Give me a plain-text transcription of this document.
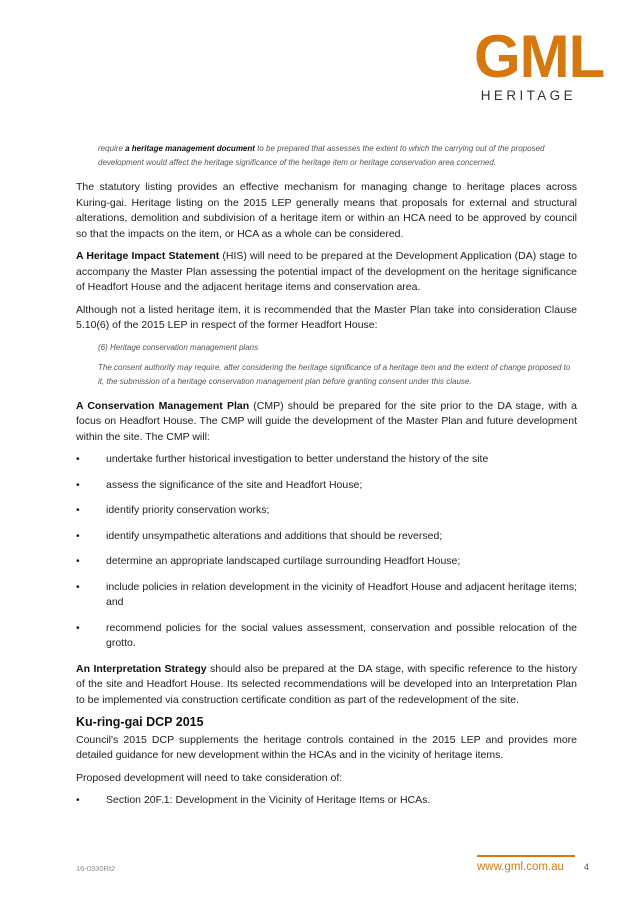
GML
HERITAGE

require a heritage management document to be prepared that assesses the extent to which the carrying out of the proposed development would affect the heritage significance of the heritage item or heritage conservation area concerned.

The statutory listing provides an effective mechanism for managing change to heritage places across Kuring-gai. Heritage listing on the 2015 LEP generally means that proposals for external and structural alterations, demolition and subdivision of a heritage item or within an HCA need to be approved by council so that the impacts on the item, or HCA as a whole can be considered.

A Heritage Impact Statement (HIS) will need to be prepared at the Development Application (DA) stage to accompany the Master Plan assessing the potential impact of the development on the heritage significance of Headfort House and the adjacent heritage items and conservation area.

Although not a listed heritage item, it is recommended that the Master Plan take into consideration Clause 5.10(6) of the 2015 LEP in respect of the former Headfort House:

(6) Heritage conservation management plans

The consent authority may require, after considering the heritage significance of a heritage item and the extent of change proposed to it, the submission of a heritage conservation management plan before granting consent under this clause.

A Conservation Management Plan (CMP) should be prepared for the site prior to the DA stage, with a focus on Headfort House. The CMP will guide the development of the Master Plan and future development within the site. The CMP will:

•	undertake further historical investigation to better understand the history of the site
•	assess the significance of the site and Headfort House;
•	identify priority conservation works;
•	identify unsympathetic alterations and additions that should be reversed;
•	determine an appropriate landscaped curtilage surrounding Headfort House;
•	include policies in relation development in the vicinity of Headfort House and adjacent heritage items; and
•	recommend policies for the social values assessment, conservation and possible relocation of the grotto.

An Interpretation Strategy should also be prepared at the DA stage, with specific reference to the history of the site and Headfort House. Its selected recommendations will be developed into an Interpretation Plan to be implemented via construction certificate condition as part of the redevelopment of the site.

Ku-ring-gai DCP 2015

Council's 2015 DCP supplements the heritage controls contained in the 2015 LEP and provides more detailed guidance for new development within the HCAs and in the vicinity of heritage items.

Proposed development will need to take consideration of:

•	Section 20F.1: Development in the Vicinity of Heritage Items or HCAs.
16-0330Rt2	www.gml.com.au 4
